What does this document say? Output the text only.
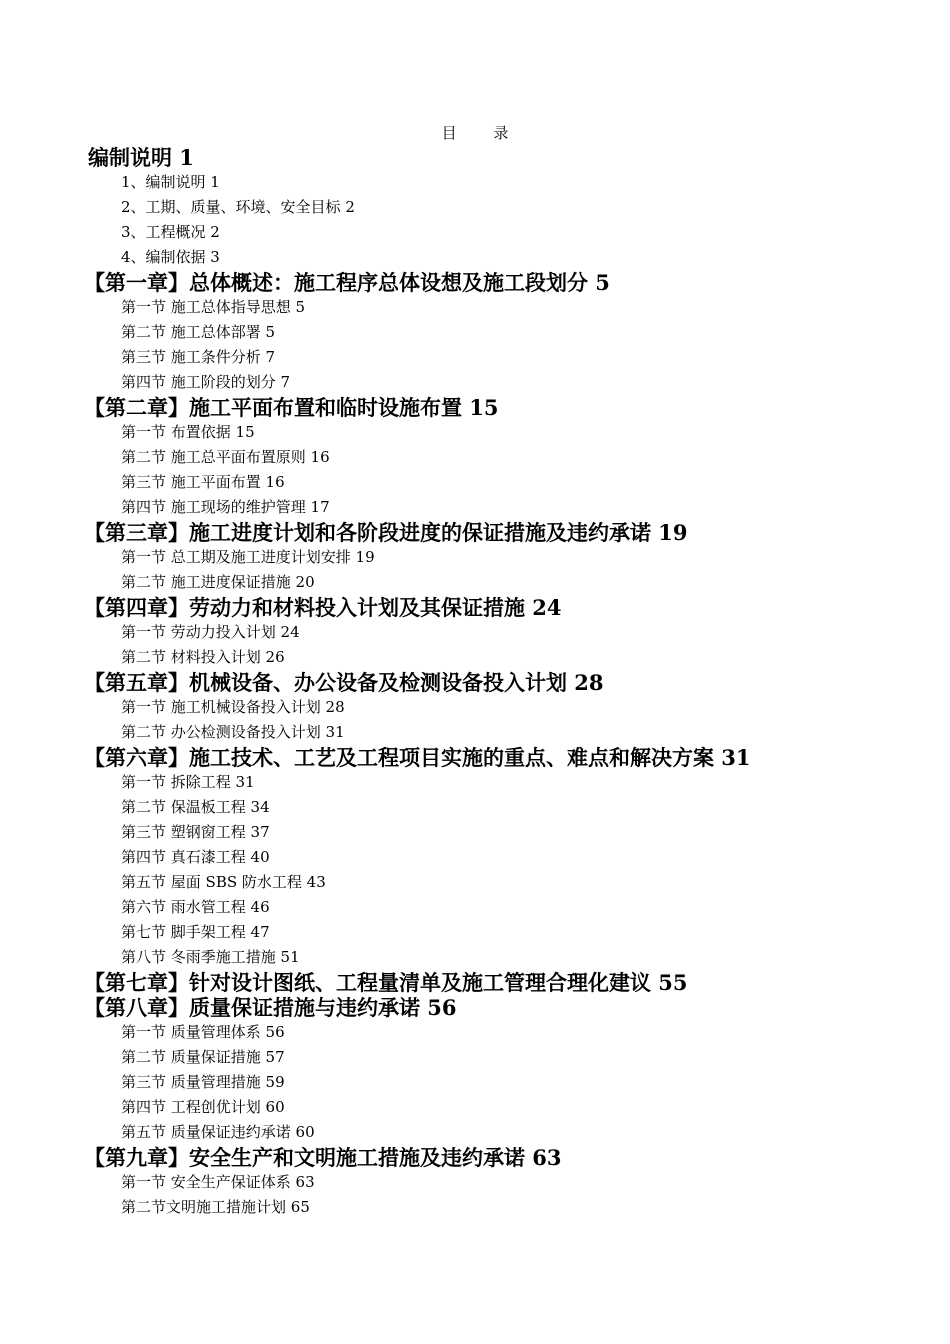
目 录
编制说明 1
1、编制说明 1
2、工期、质量、环境、安全目标 2
3、工程概况 2
4、编制依据 3
【第一章】总体概述：施工程序总体设想及施工段划分 5
第一节 施工总体指导思想 5
第二节 施工总体部署 5
第三节 施工条件分析 7
第四节 施工阶段的划分 7
【第二章】施工平面布置和临时设施布置 15
第一节 布置依据 15
第二节 施工总平面布置原则 16
第三节 施工平面布置 16
第四节 施工现场的维护管理 17
【第三章】施工进度计划和各阶段进度的保证措施及违约承诺 19
第一节 总工期及施工进度计划安排 19
第二节 施工进度保证措施 20
【第四章】劳动力和材料投入计划及其保证措施 24
第一节 劳动力投入计划 24
第二节 材料投入计划 26
【第五章】机械设备、办公设备及检测设备投入计划 28
第一节 施工机械设备投入计划 28
第二节 办公检测设备投入计划 31
【第六章】施工技术、工艺及工程项目实施的重点、难点和解决方案 31
第一节 拆除工程 31
第二节 保温板工程 34
第三节 塑钢窗工程 37
第四节 真石漆工程 40
第五节 屋面 SBS 防水工程 43
第六节 雨水管工程 46
第七节 脚手架工程 47
第八节 冬雨季施工措施 51
【第七章】针对设计图纸、工程量清单及施工管理合理化建议 55
【第八章】质量保证措施与违约承诺 56
第一节 质量管理体系 56
第二节 质量保证措施 57
第三节 质量管理措施 59
第四节 工程创优计划 60
第五节 质量保证违约承诺 60
【第九章】安全生产和文明施工措施及违约承诺 63
第一节 安全生产保证体系 63
第二节文明施工措施计划 65
